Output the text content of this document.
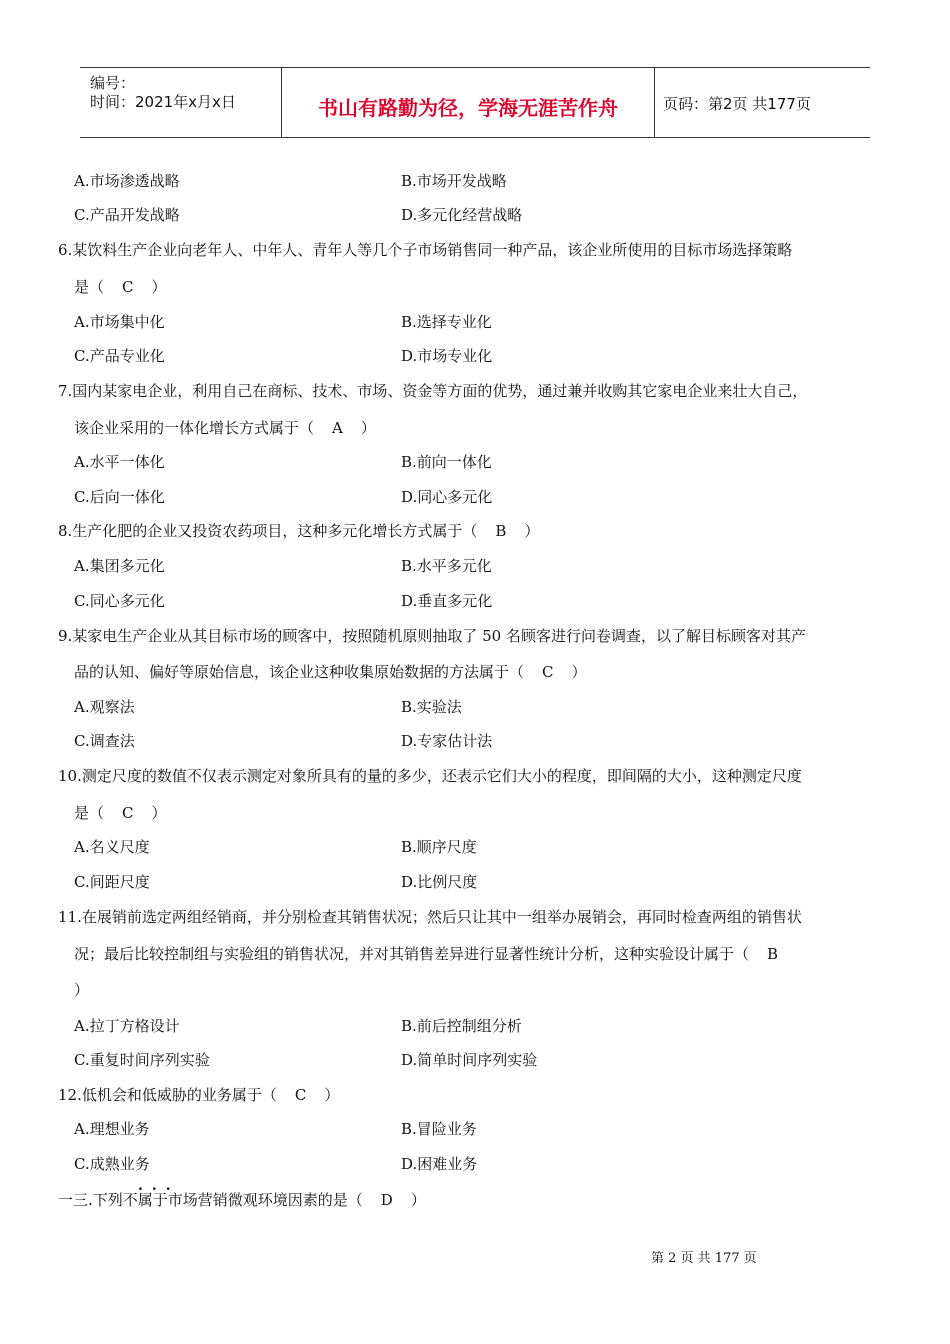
编号：
时间：2021年x月x日	书山有路勤为径，学海无涯苦作舟	页码：第2页 共177页
A.市场渗透战略	B.市场开发战略
C.产品开发战略	D.多元化经营战略
6.某饮料生产企业向老年人、中年人、青年人等几个子市场销售同一种产品，该企业所使用的目标市场选择策略
是（ C ）
A.市场集中化	B.选择专业化
C.产品专业化	D.市场专业化
7.国内某家电企业，利用自己在商标、技术、市场、资金等方面的优势，通过兼并收购其它家电企业来壮大自己，
该企业采用的一体化增长方式属于（ A ）
A.水平一体化	B.前向一体化
C.后向一体化	D.同心多元化
8.生产化肥的企业又投资农药项目，这种多元化增长方式属于（ B ）
A.集团多元化	B.水平多元化
C.同心多元化	D.垂直多元化
9.某家电生产企业从其目标市场的顾客中，按照随机原则抽取了 50 名顾客进行问卷调查，以了解目标顾客对其产
品的认知、偏好等原始信息，该企业这种收集原始数据的方法属于（ C ）
A.观察法	B.实验法
C.调查法	D.专家估计法
10.测定尺度的数值不仅表示测定对象所具有的量的多少，还表示它们大小的程度，即间隔的大小，这种测定尺度
是（ C ）
A.名义尺度	B.顺序尺度
C.间距尺度	D.比例尺度
11.在展销前选定两组经销商，并分别检查其销售状况；然后只让其中一组举办展销会，再同时检查两组的销售状
况；最后比较控制组与实验组的销售状况，并对其销售差异进行显著性统计分析，这种实验设计属于（ B
）
A.拉丁方格设计	B.前后控制组分析
C.重复时间序列实验	D.简单时间序列实验
12.低机会和低威胁的业务属于（ C ）
A.理想业务	B.冒险业务
C.成熟业务	D.困难业务
...
一三.下列不属于市场营销微观环境因素的是（ D ）
第 2 页 共 177 页
